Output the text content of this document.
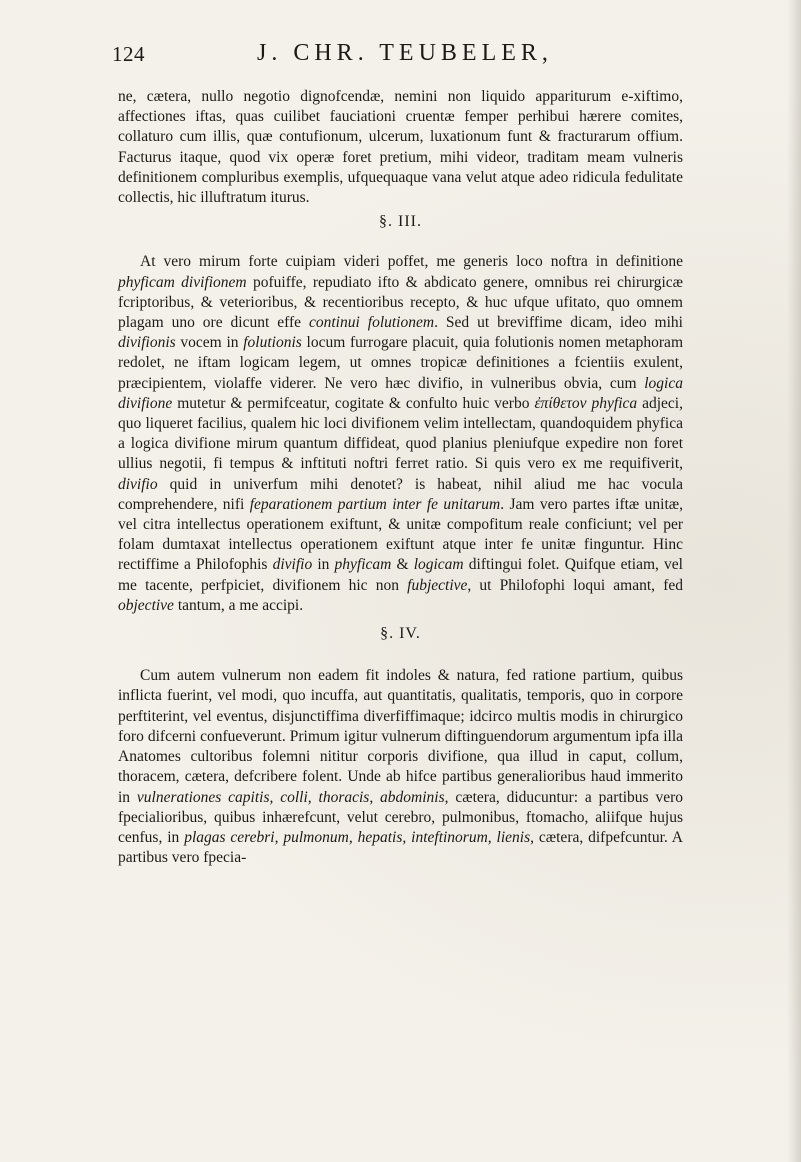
124	J. CHR. TEUBELER,

ne, cætera, nullo negotio dignofcendæ, nemini non liquido appariturum e-xiftimo, affectiones iftas, quas cuilibet fauciationi cruentæ femper perhibui hærere comites, collaturo cum illis, quæ contufionum, ulcerum, luxationum funt & fracturarum offium. Facturus itaque, quod vix operæ foret pretium, mihi videor, traditam meam vulneris definitionem compluribus exemplis, ufquequaque vana velut atque adeo ridicula fedulitate collectis, hic illuftratum iturus.

§. III.

At vero mirum forte cuipiam videri poffet, me generis loco noftra in definitione phyficam divifionem pofuiffe, repudiato ifto & abdicato genere, omnibus rei chirurgicæ fcriptoribus, & veterioribus, & recentioribus recepto, & huc ufque ufitato, quo omnem plagam uno ore dicunt effe continui folutionem. Sed ut breviffime dicam, ideo mihi divifionis vocem in folutionis locum furrogare placuit, quia folutionis nomen metaphoram redolet, ne iftam logicam legem, ut omnes tropicæ definitiones a fcientiis exulent, præcipientem, violaffe viderer. Ne vero hæc divifio, in vulneribus obvia, cum logica divifione mutetur & permifceatur, cogitate & confulto huic verbo ἐπίθετον phyfica adjeci, quo liqueret facilius, qualem hic loci divifionem velim intellectam, quandoquidem phyfica a logica divifione mirum quantum diffideat, quod planius pleniufque expedire non foret ullius negotii, fi tempus & inftituti noftri ferret ratio. Si quis vero ex me requifiverit, divifio quid in univerfum mihi denotet? is habeat, nihil aliud me hac vocula comprehendere, nifi feparationem partium inter fe unitarum. Jam vero partes iftæ unitæ, vel citra intellectus operationem exiftunt, & unitæ compofitum reale conficiunt; vel per folam dumtaxat intellectus operationem exiftunt atque inter fe unitæ finguntur. Hinc rectiffime a Philofophis divifio in phyficam & logicam diftingui folet. Quifque etiam, vel me tacente, perfpiciet, divifionem hic non fubjective, ut Philofophi loqui amant, fed objective tantum, a me accipi.

§. IV.

Cum autem vulnerum non eadem fit indoles & natura, fed ratione partium, quibus inflicta fuerint, vel modi, quo incuffa, aut quantitatis, qualitatis, temporis, quo in corpore perftiterint, vel eventus, disjunctiffima diverfiffimaque; idcirco multis modis in chirurgico foro difcerni confueverunt. Primum igitur vulnerum diftinguendorum argumentum ipfa illa Anatomes cultoribus folemni nititur corporis divifione, qua illud in caput, collum, thoracem, cætera, defcribere folent. Unde ab hifce partibus generalioribus haud immerito in vulnerationes capitis, colli, thoracis, abdominis, cætera, diducuntur: a partibus vero fpecialioribus, quibus inhærefcunt, velut cerebro, pulmonibus, ftomacho, aliifque hujus cenfus, in plagas cerebri, pulmonum, hepatis, inteftinorum, lienis, cætera, difpefcuntur. A partibus vero fpecia-
